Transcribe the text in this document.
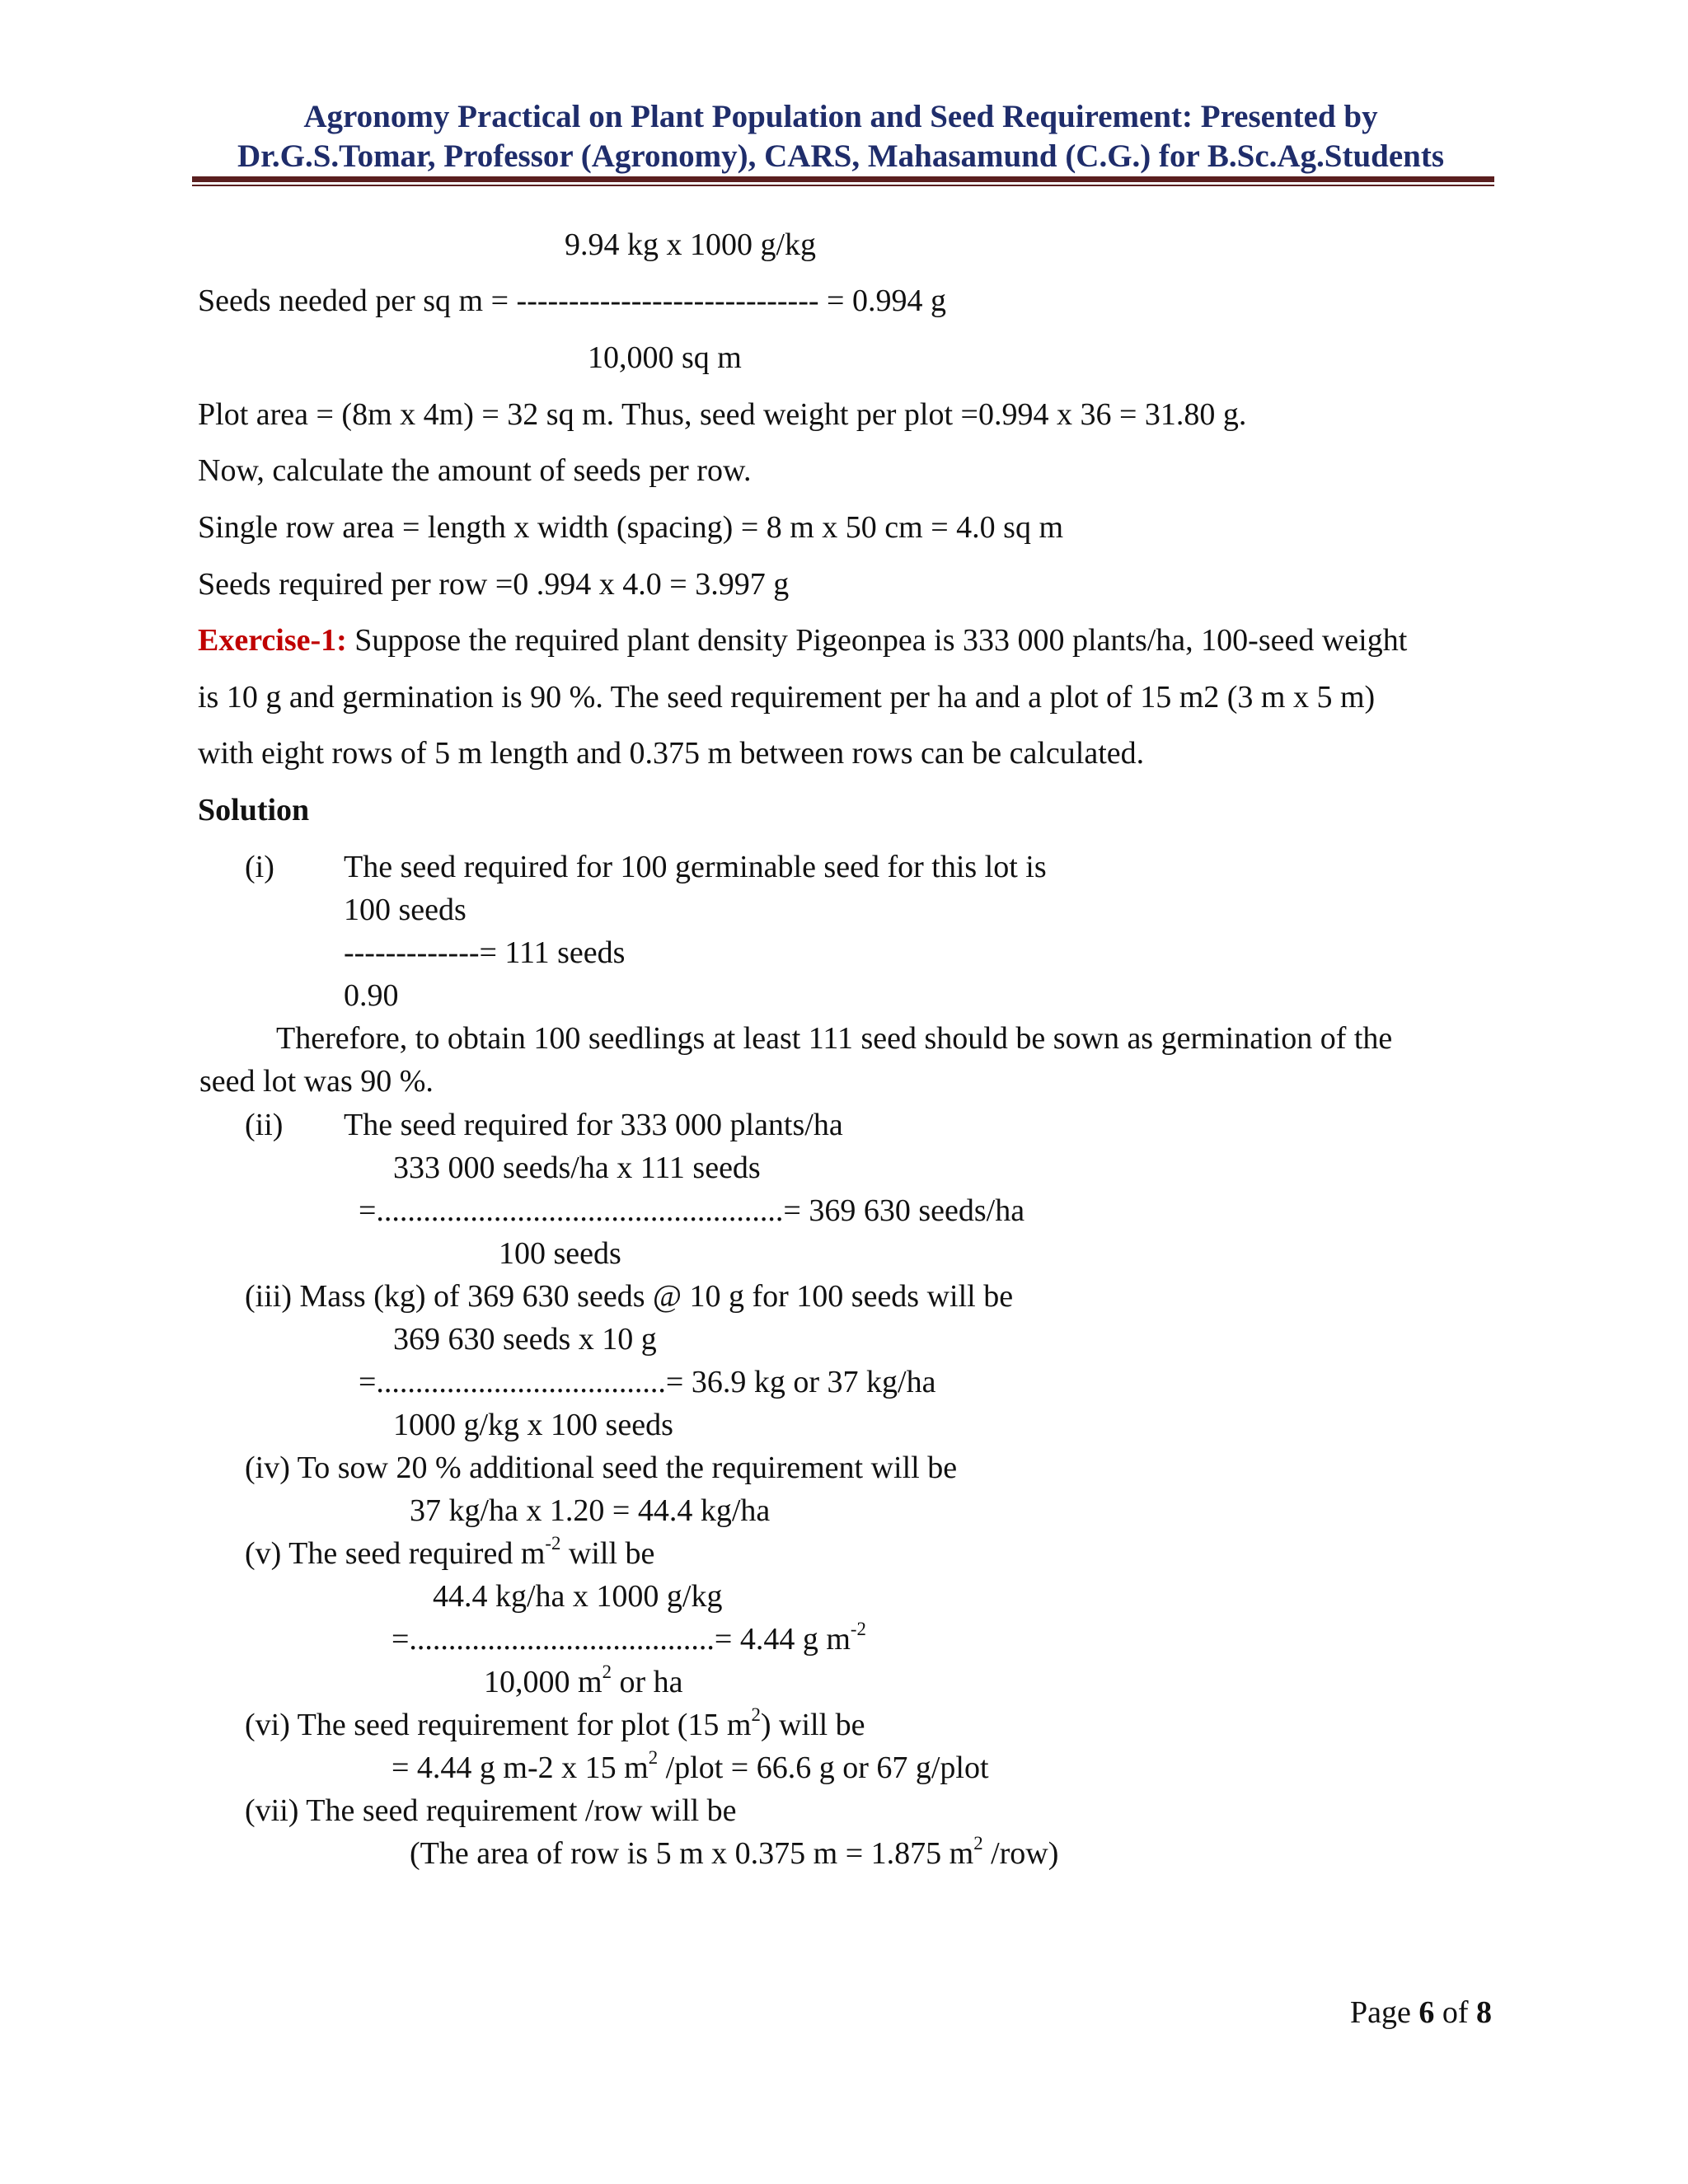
Agronomy Practical on Plant Population and Seed Requirement: Presented by
Dr.G.S.Tomar, Professor (Agronomy), CARS, Mahasamund (C.G.) for B.Sc.Ag.Students
9.94 kg x 1000 g/kg
Seeds needed per sq m = ----------------------------- = 0.994 g
10,000 sq m
Plot area = (8m x 4m) = 32 sq m. Thus, seed weight per plot =0.994 x 36 = 31.80 g.
Now, calculate the amount of seeds per row.
Single row area = length x width (spacing) = 8 m x 50 cm = 4.0 sq m
Seeds required per row =0 .994 x 4.0 = 3.997 g
Exercise-1: Suppose the required plant density Pigeonpea is 333 000 plants/ha, 100-seed weight
is 10 g and germination is 90 %. The seed requirement per ha and a plot of 15 m2 (3 m x 5 m)
with eight rows of 5 m length and 0.375 m between rows can be calculated.
Solution
(i) The seed required for 100 germinable seed for this lot is
100 seeds
-------------= 111 seeds
0.90
Therefore, to obtain 100 seedlings at least 111 seed should be sown as germination of the
seed lot was 90 %.
(ii) The seed required for 333 000 plants/ha
333 000 seeds/ha x 111 seeds
=....................................................= 369 630 seeds/ha
100 seeds
(iii) Mass (kg) of 369 630 seeds @ 10 g for 100 seeds will be
369 630 seeds x 10 g
=.....................................= 36.9 kg or 37 kg/ha
1000 g/kg x 100 seeds
(iv) To sow 20 % additional seed the requirement will be
37 kg/ha x 1.20 = 44.4 kg/ha
(v) The seed required $m^{-2}$ will be
44.4 kg/ha x 1000 g/kg
=.......................................= 4.44 g $m^{-2}$
10,000 $m^2$ or ha
(vi) The seed requirement for plot (15 $m^2$) will be
= 4.44 g m-2 x 15 $m^2$ /plot = 66.6 g or 67 g/plot
(vii) The seed requirement /row will be
(The area of row is 5 m x 0.375 m = 1.875 $m^2$ /row)
Page 6 of 8
